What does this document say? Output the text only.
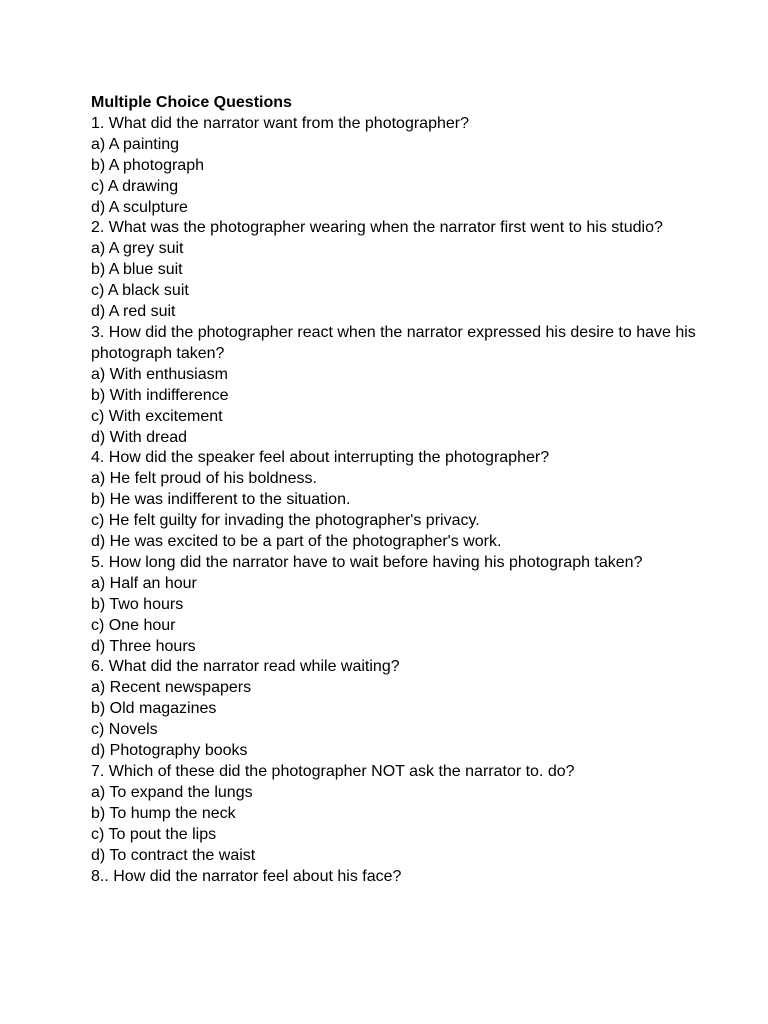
Multiple Choice Questions

1. What did the narrator want from the photographer?

a) A painting

b) A photograph

c) A drawing

d) A sculpture

2. What was the photographer wearing when the narrator first went to his studio?

a) A grey suit

b) A blue suit

c) A black suit

d) A red suit

3. How did the photographer react when the narrator expressed his desire to have his photograph taken?

a) With enthusiasm

b) With indifference

c) With excitement

d) With dread

4. How did the speaker feel about interrupting the photographer?

a) He felt proud of his boldness.

b) He was indifferent to the situation.

c) He felt guilty for invading the photographer's privacy.

d) He was excited to be a part of the photographer's work.

5. How long did the narrator have to wait before having his photograph taken?

a) Half an hour

b) Two hours

c) One hour

d) Three hours

6. What did the narrator read while waiting?

a) Recent newspapers

b) Old magazines

c) Novels

d) Photography books

7. Which of these did the photographer NOT ask the narrator to. do?

a) To expand the lungs

b) To hump the neck

c) To pout the lips

d) To contract the waist

8.. How did the narrator feel about his face?
